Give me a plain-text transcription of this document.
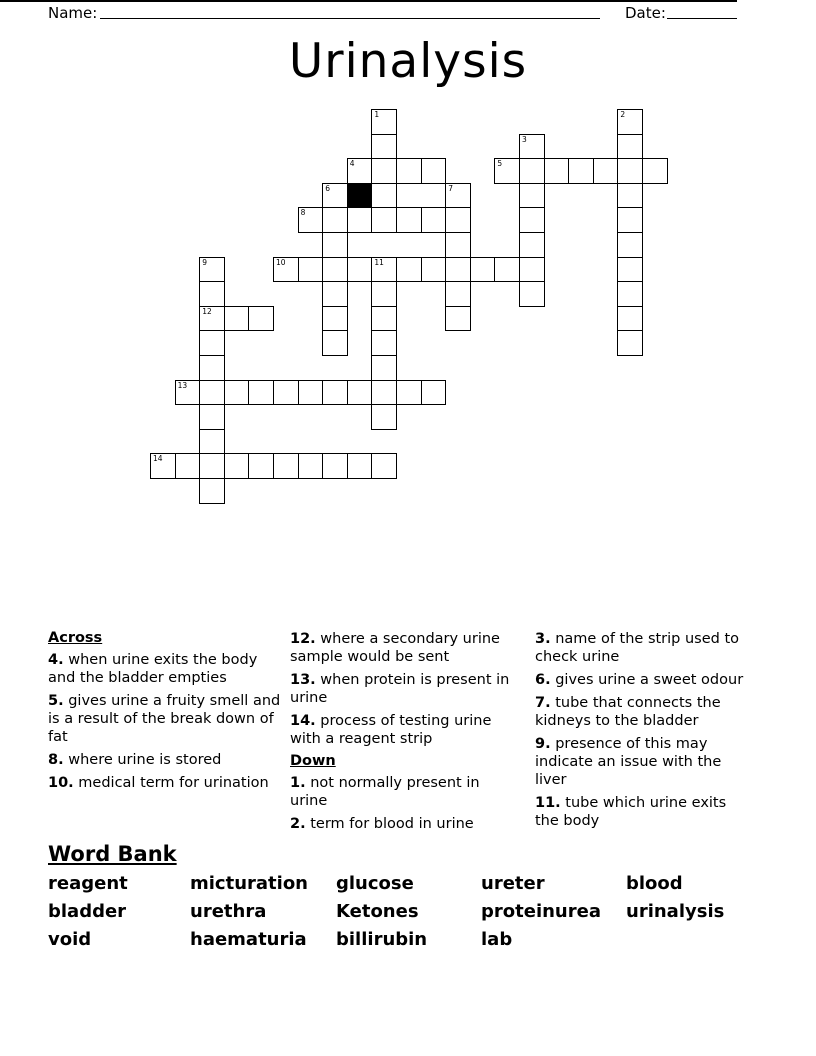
Name:	Date:
Urinalysis
1	2
3
4	5
6	7
8
9
12
10	11
13
14
Across

4. when urine exits the body and the bladder empties

5. gives urine a fruity smell and is a result of the break down of fat

8. where urine is stored

10. medical term for urination

12. where a secondary urine sample would be sent

13. when protein is present in urine

14. process of testing urine with a reagent strip

Down

1. not normally present in urine

2. term for blood in urine

3. name of the strip used to check urine

6. gives urine a sweet odour

7. tube that connects the kidneys to the bladder

9. presence of this may indicate an issue with the liver

11. tube which urine exits the body

Word Bank
reagent	micturation	glucose	ureter	blood
bladder	urethra	Ketones	proteinurea	urinalysis
void	haematuria	billirubin	lab
